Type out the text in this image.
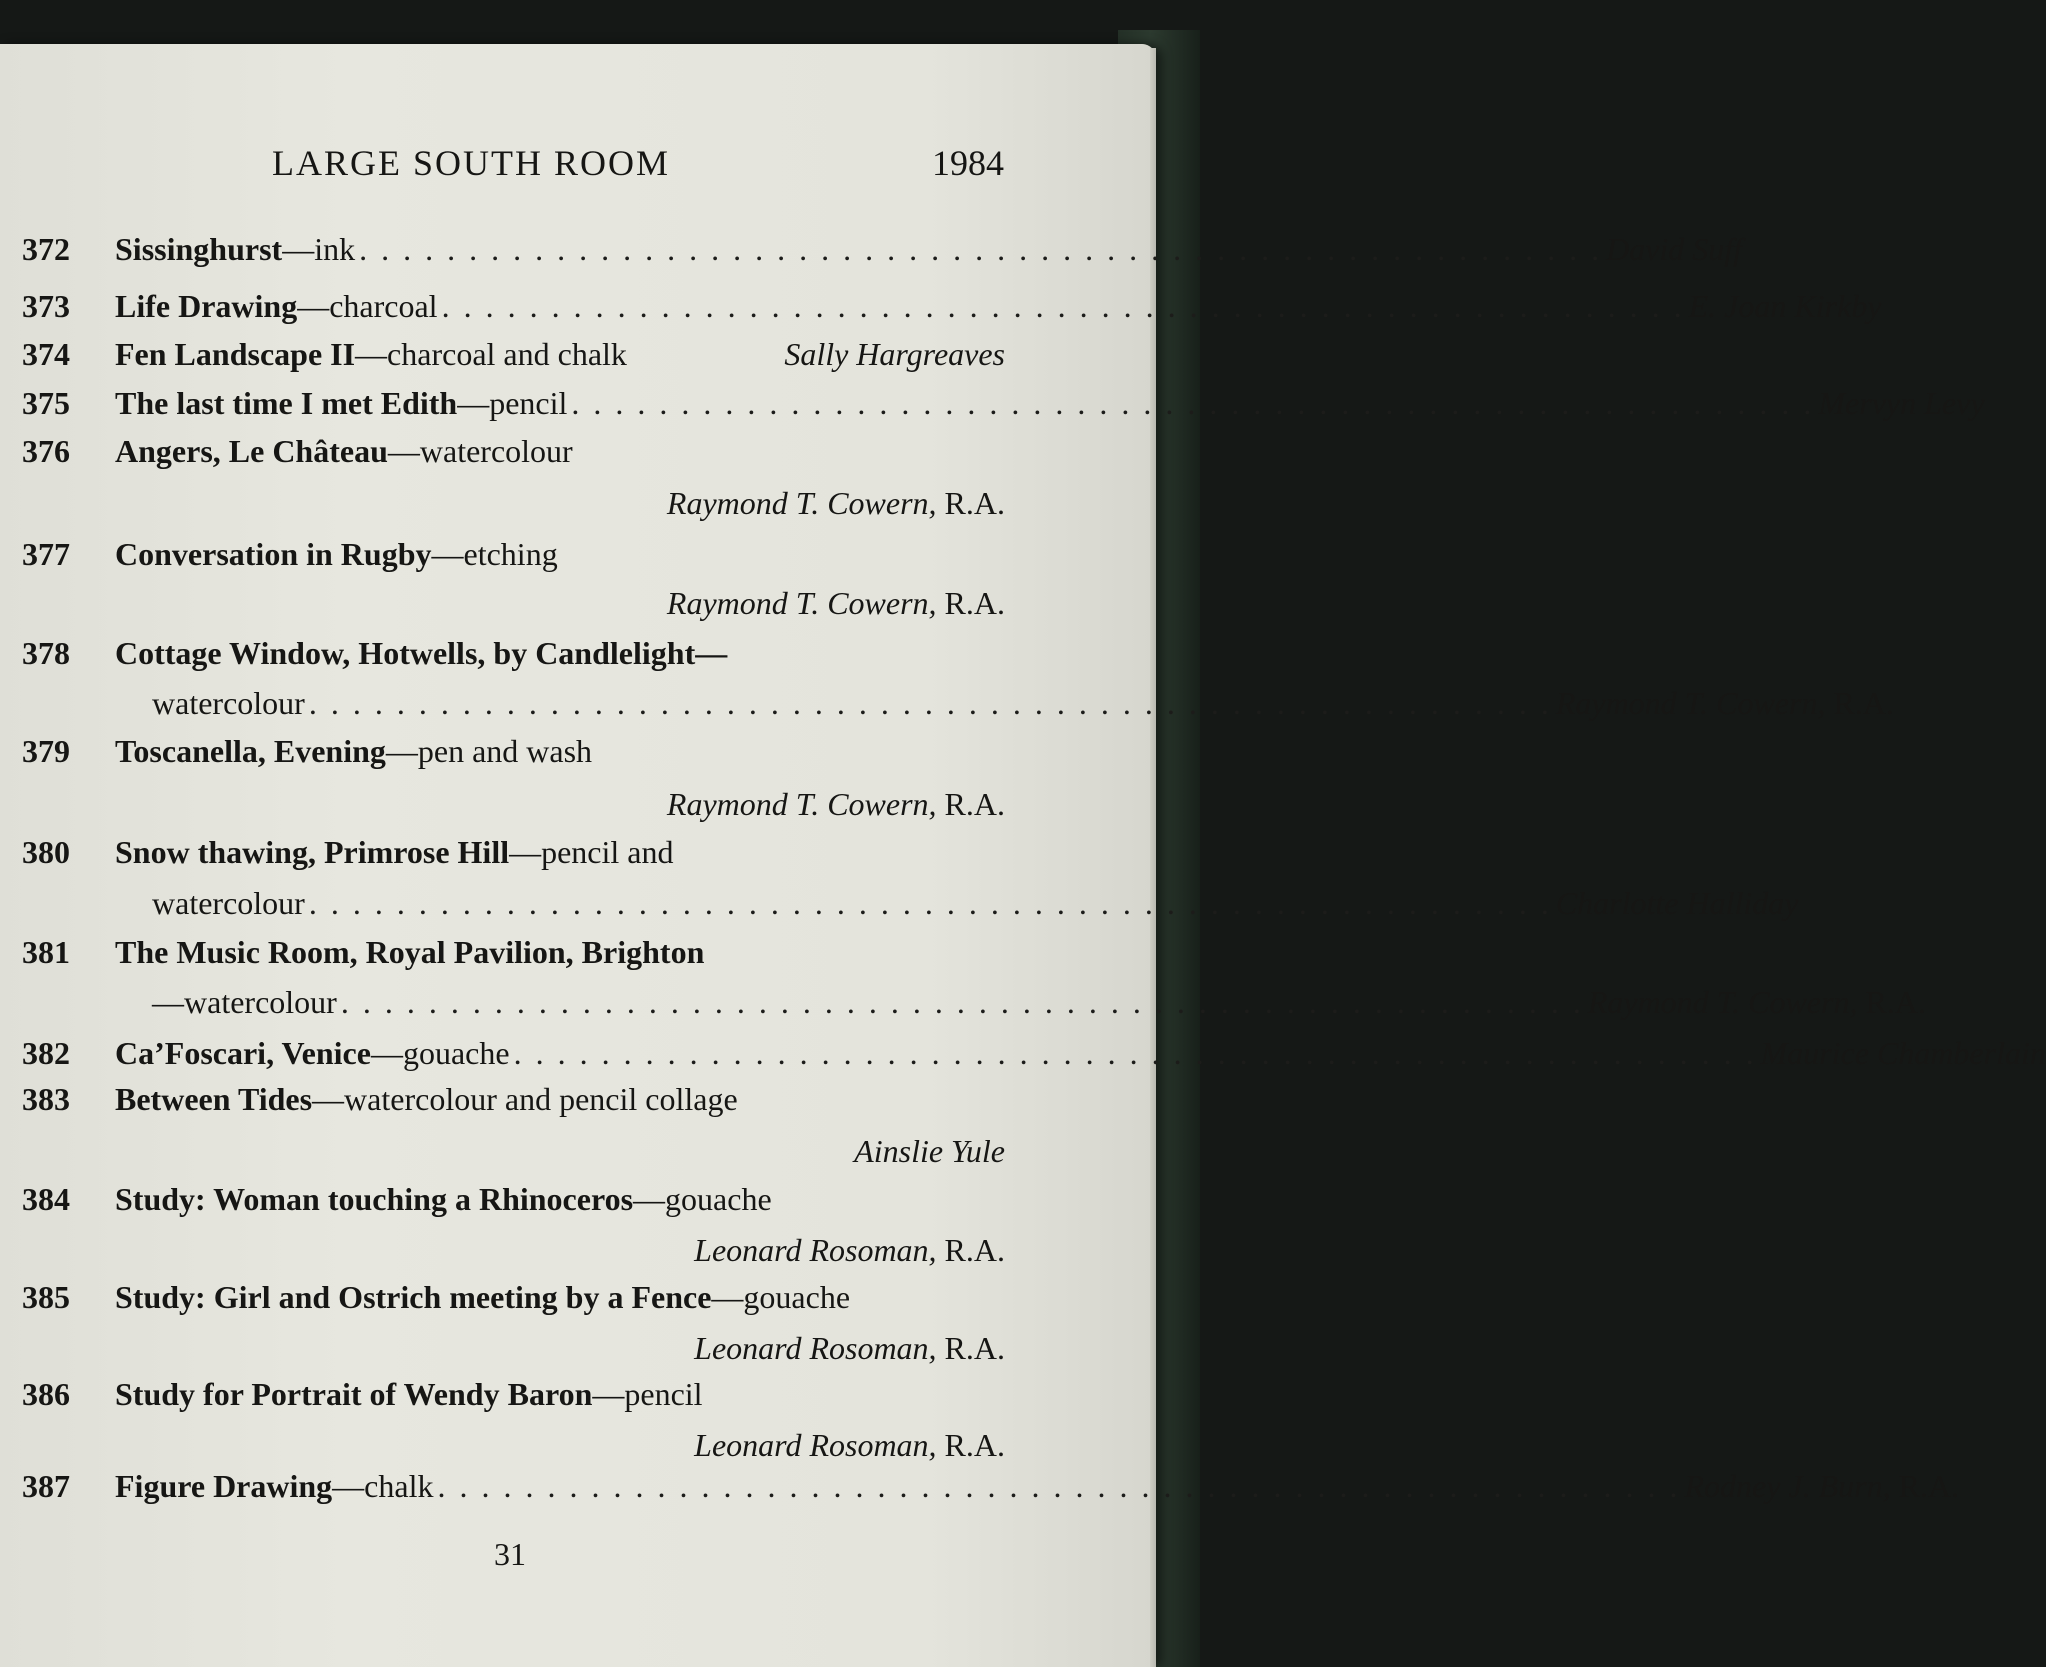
LARGE SOUTH ROOM	1984
372	Sissinghurst —ink . . . . . . . . . . . . . . . . . . . . . . . . . . . . . . . . . . . . . . . . . . . . . . . . . . . . . . . . . David Suff
373	Life Drawing —charcoal . . . . . . . . . . . . . . . . . . . . . . . . . . . . . . . . . . . . . . . . . . . . . . . . . . . . . . . . . E. Joan Kirkby
374	Fen Landscape II —charcoal and chalk	Sally Hargreaves
375	The last time I met Edith —pencil . . . . . . . . . . . . . . . . . . . . . . . . . . . . . . . . . . . . . . . . . . . . . . . . . . . . . . . . . Mervyn Levy
376	Angers, Le Château —watercolour
Raymond T. Cowern, R.A.
377	Conversation in Rugby —etching
Raymond T. Cowern, R.A.
378	Cottage Window, Hotwells, by Candlelight—
watercolour . . . . . . . . . . . . . . . . . . . . . . . . . . . . . . . . . . . . . . . . . . . . . . . . . . . . . . . . . Raymond T. Cowern, R.A.
379	Toscanella, Evening —pen and wash
Raymond T. Cowern, R.A.
380	Snow thawing, Primrose Hill —pencil and
watercolour . . . . . . . . . . . . . . . . . . . . . . . . . . . . . . . . . . . . . . . . . . . . . . . . . . . . . . . . . Charlotte Halliday
381	The Music Room, Royal Pavilion, Brighton
—watercolour . . . . . . . . . . . . . . . . . . . . . . . . . . . . . . . . . . . . . . . . . . . . . . . . . . . . . . . . . Raymond T. Cowern, R.A.
382	Ca’Foscari, Venice —gouache . . . . . . . . . . . . . . . . . . . . . . . . . . . . . . . . . . . . . . . . . . . . . . . . . . . . . . . . . Maurice Chamberlain
383	Between Tides —watercolour and pencil collage
Ainslie Yule
384	Study: Woman touching a Rhinoceros —gouache
Leonard Rosoman, R.A.
385	Study: Girl and Ostrich meeting by a Fence —gouache
Leonard Rosoman, R.A.
386	Study for Portrait of Wendy Baron —pencil
Leonard Rosoman, R.A.
387	Figure Drawing —chalk . . . . . . . . . . . . . . . . . . . . . . . . . . . . . . . . . . . . . . . . . . . . . . . . . . . . . . . . . Rodney J. Burn, R.A.
31
